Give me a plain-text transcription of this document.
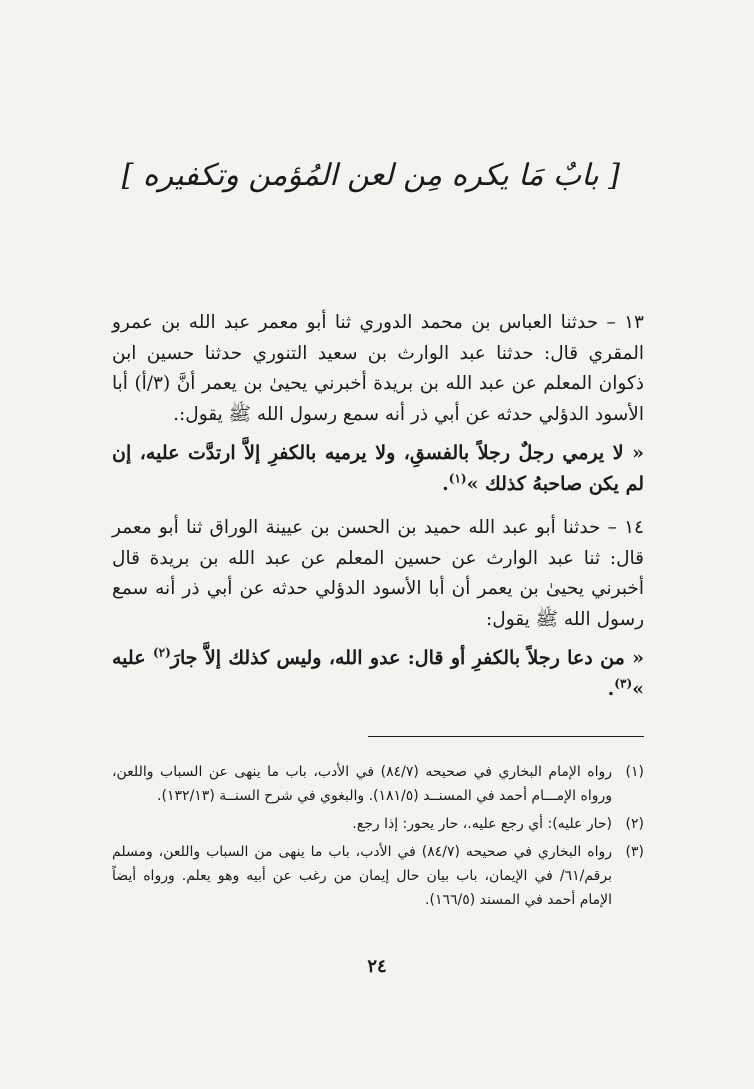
[ بابٌ مَا يكره مِن لعن المُؤمن وتكفيره ]

١٣ – حدثنا العباس بن محمد الدوري ثنا أبو معمر عبد الله بن عمرو المقري قال: حدثنا عبد الوارث بن سعيد التنوري حدثنا حسين ابن ذكوان المعلم عن عبد الله بن بريدة أخبرني يحيىٰ بن يعمر أنَّ (٣/أ) أبا الأسود الدؤلي حدثه عن أبي ذر أنه سمع رسول الله ﷺ يقول:.

« لا يرمي رجلٌ رجلاً بالفسقِ، ولا يرميه بالكفرِ إلاَّ ارتدَّت عليه، إن لم يكن صاحبهُ كذلك »$^{(١)}$.

١٤ – حدثنا أبو عبد الله حميد بن الحسن بن عيينة الوراق ثنا أبو معمر قال: ثنا عبد الوارث عن حسين المعلم عن عبد الله بن بريدة قال أخبرني يحيىٰ بن يعمر أن أبا الأسود الدؤلي حدثه عن أبي ذر أنه سمع رسول الله ﷺ يقول:

« من دعا رجلاً بالكفرِ أو قال: عدو الله، وليس كذلك إلاَّ جارَ$^{(٢)}$ عليه »$^{(٣)}$.

(١)
رواه الإمام البخاري في صحيحه (٨٤/٧) في الأدب، باب ما ينهى عن السباب واللعن، ورواه الإمـــام أحمد في المسنــد (١٨١/٥). والبغوي في شرح السنــة (١٣٢/١٣).
(٢)
(حار عليه): أي رجع عليه.، حار يحور: إذا رجع.
(٣)
رواه البخاري في صحيحه (٨٤/٧) في الأدب، باب ما ينهى من السباب واللعن، ومسلم برقم/٦١/ في الإيمان، باب بيان حال إيمان من رغب عن أبيه وهو يعلم. ورواه أيضاً الإمام أحمد في المسند (١٦٦/٥).
٢٤
